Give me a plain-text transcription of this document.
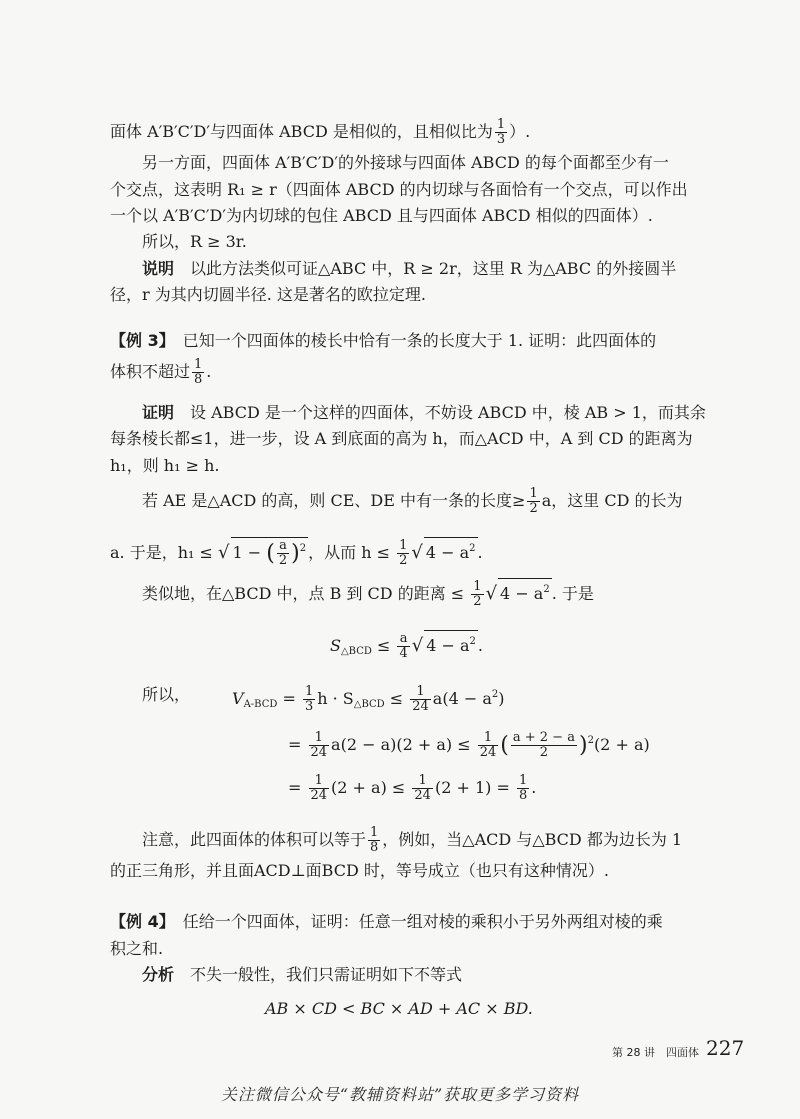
面体 A′B′C′D′与四面体 ABCD 是相似的，且相似比为 $\frac{1}{3}$ ）.
另一方面，四面体 A′B′C′D′的外接球与四面体 ABCD 的每个面都至少有一
个交点，这表明 R₁ ≥ r（四面体 ABCD 的内切球与各面恰有一个交点，可以作出
一个以 A′B′C′D′为内切球的包住 ABCD 且与四面体 ABCD 相似的四面体）.
所以，R ≥ 3r.
说明　 以此方法类似可证△ABC 中，R ≥ 2r，这里 R 为△ABC 的外接圆半
径，r 为其内切圆半径. 这是著名的欧拉定理.
【例 3】　 已知一个四面体的棱长中恰有一条的长度大于 1. 证明：此四面体的
体积不超过 $\frac{1}{8}$ .
证明　 设 ABCD 是一个这样的四面体，不妨设 ABCD 中，棱 AB > 1，而其余
每条棱长都≤1，进一步，设 A 到底面的高为 h，而△ACD 中，A 到 CD 的距离为
h₁，则 h₁ ≥ h.
若 AE 是△ACD 的高，则 CE、DE 中有一条的长度≥ $\frac{1}{2}$ a，这里 CD 的长为
a. 于是，h₁ ≤ √ 1 − ( $\frac{a}{2} )^2$ ，从而 $h \le \frac{1}{2}$ √ $4 - a^2$ .
类似地，在△BCD 中，点 B 到 CD 的距离 ≤ $\frac{1}{2}$ √ $4 - a^2$ . 于是
$S_{\triangle BCD} \le \frac{a}{4}$ √ $4 - a^2$ .
所以，	$V_{A-BCD} = \frac{1}{3}$ $h \cdot S_{\triangle BCD} \le \frac{1}{24} a(4 - a^2)$
= $\frac{1}{24} a(2 - a)(2 + a) \le \frac{1}{24}$ ( $\frac{a + 2 - a}{2} )^2(2 + a)$
= $\frac{1}{24} (2 + a) \le \frac{1}{24} (2 + 1) = \frac{1}{8}$ .
注意，此四面体的体积可以等于 $\frac{1}{8}$ ，例如，当△ACD 与△BCD 都为边长为 1
的正三角形，并且面ACD⊥面BCD 时，等号成立（也只有这种情况）.
【例 4】　 任给一个四面体，证明：任意一组对棱的乘积小于另外两组对棱的乘
积之和.
分析　 不失一般性，我们只需证明如下不等式
AB × CD < BC × AD + AC × BD.
第 28 讲　四面体 227
关注微信公众号“教辅资料站”获取更多学习资料
